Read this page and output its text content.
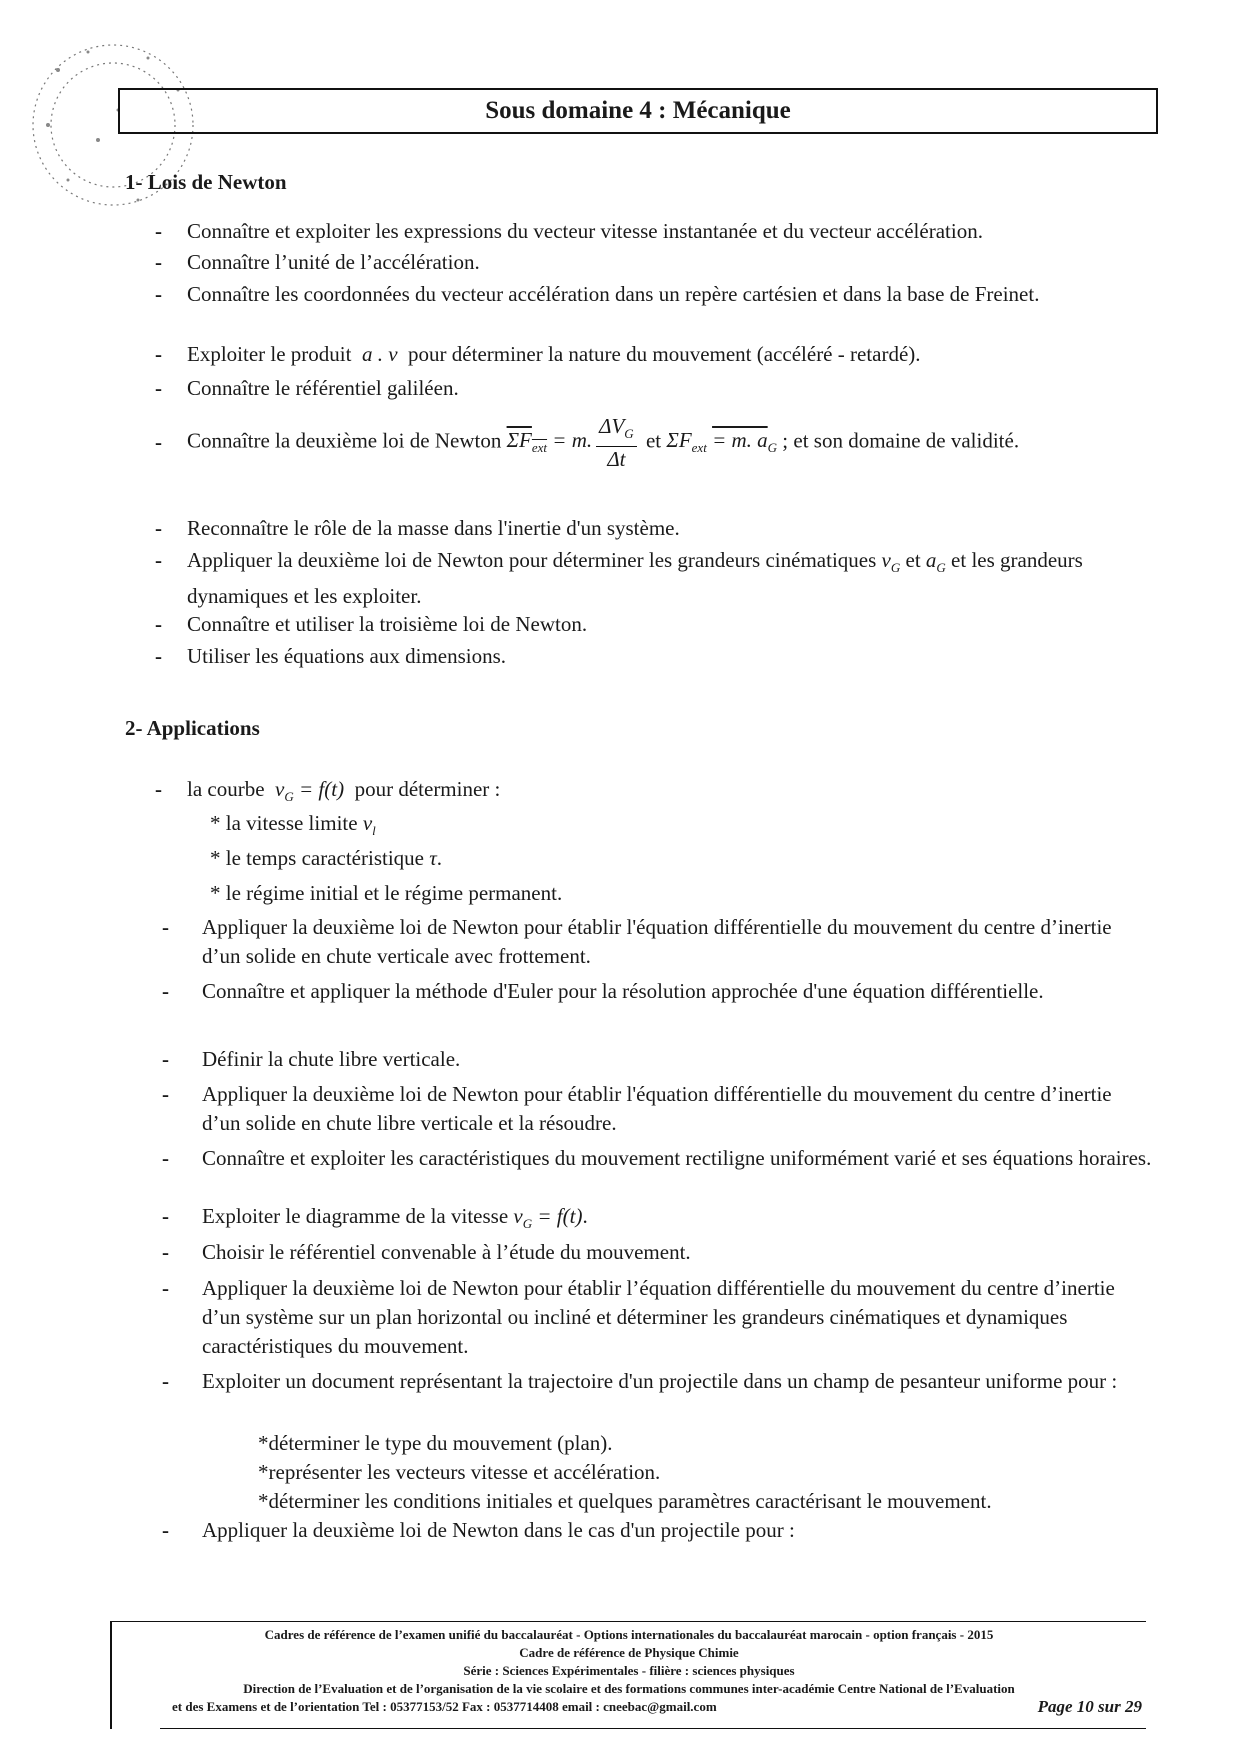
Sous domaine 4 : Mécanique
1- Lois de Newton
- Connaître et exploiter les expressions du vecteur vitesse instantanée et du vecteur accélération.
- Connaître l’unité de l’accélération.
- Connaître les coordonnées du vecteur accélération dans un repère cartésien et dans la base de Freinet.
- Exploiter le produit a . v pour déterminer la nature du mouvement (accéléré - retardé).
- Connaître le référentiel galiléen.
- Connaître la deuxième loi de Newton $\overline{\Sigma F}_{\overline{ext}} = m$. $\frac{\Delta V_G}{\Delta t}$ et $\Sigma F_{ext} = m$. $a_G$ ; et son domaine de validité.
- Reconnaître le rôle de la masse dans l'inertie d'un système.
- Appliquer la deuxième loi de Newton pour déterminer les grandeurs cinématiques $v_G$ et $a_G$ et les grandeurs dynamiques et les exploiter.
- Connaître et utiliser la troisième loi de Newton.
- Utiliser les équations aux dimensions.
2- Applications
- la courbe $v_G = f(t)$ pour déterminer :
* la vitesse limite $v_l$
* le temps caractéristique τ.
* le régime initial et le régime permanent.
- Appliquer la deuxième loi de Newton pour établir l'équation différentielle du mouvement du centre d’inertie d’un solide en chute verticale avec frottement.
- Connaître et appliquer la méthode d'Euler pour la résolution approchée d'une équation différentielle.
- Définir la chute libre verticale.
- Appliquer la deuxième loi de Newton pour établir l'équation différentielle du mouvement du centre d’inertie d’un solide en chute libre verticale et la résoudre.
- Connaître et exploiter les caractéristiques du mouvement rectiligne uniformément varié et ses équations horaires.
- Exploiter le diagramme de la vitesse $v_G = f(t)$.
- Choisir le référentiel convenable à l’étude du mouvement.
- Appliquer la deuxième loi de Newton pour établir l’équation différentielle du mouvement du centre d’inertie d’un système sur un plan horizontal ou incliné et déterminer les grandeurs cinématiques et dynamiques caractéristiques du mouvement.
- Exploiter un document représentant la trajectoire d'un projectile dans un champ de pesanteur uniforme pour :
*déterminer le type du mouvement (plan).
*représenter les vecteurs vitesse et accélération.
*déterminer les conditions initiales et quelques paramètres caractérisant le mouvement.
- Appliquer la deuxième loi de Newton dans le cas d'un projectile pour :
Cadres de référence de l’examen unifié du baccalauréat - Options internationales du baccalauréat marocain - option français - 2015
Cadre de référence de Physique Chimie
Série : Sciences Expérimentales - filière : sciences physiques
Direction de l’Evaluation et de l’organisation de la vie scolaire et des formations communes inter-académie Centre National de l’Evaluation
et des Examens et de l’orientation Tel : 05377153/52 Fax : 0537714408 email : cneebac@gmail.com	Page 10 sur 29
